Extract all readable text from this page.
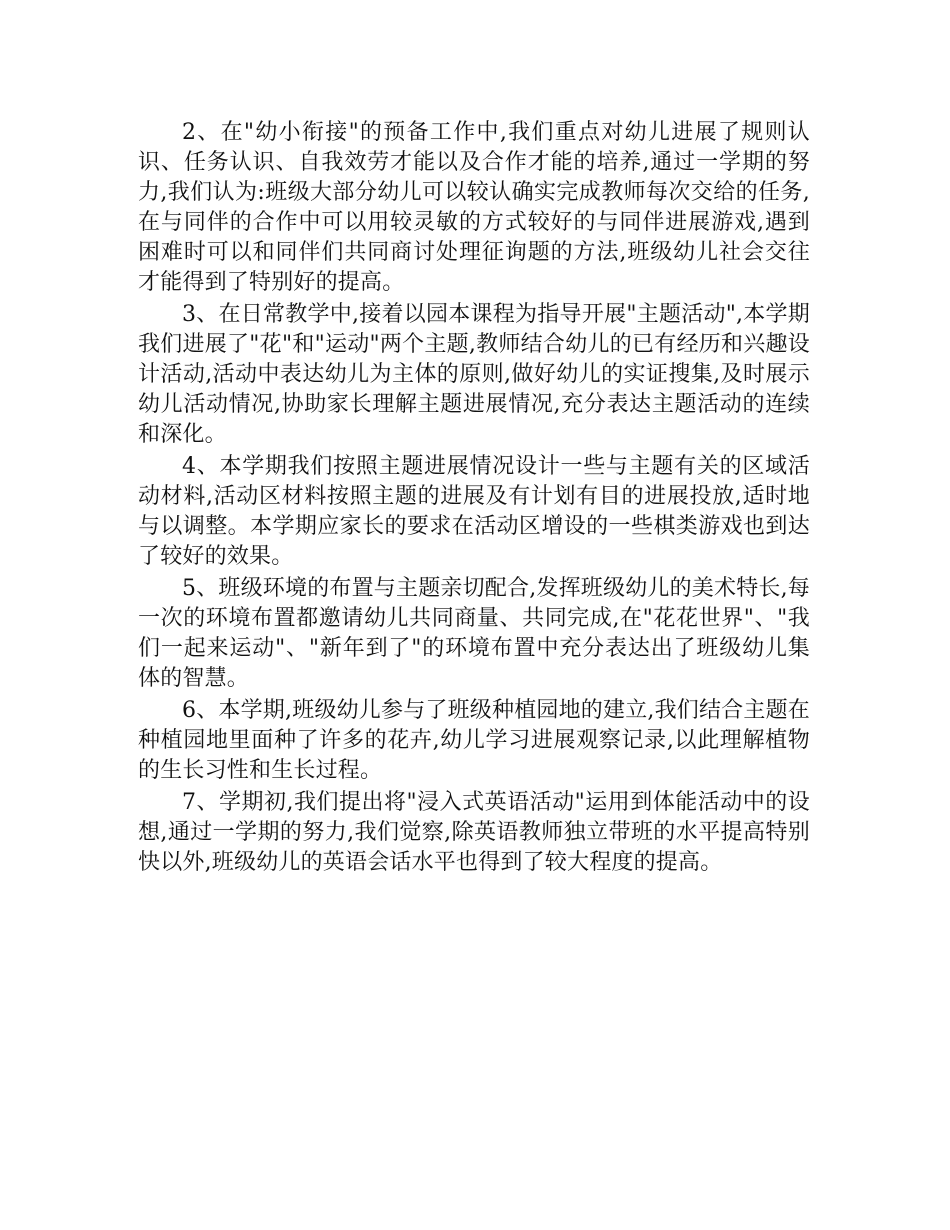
2、在"幼小衔接"的预备工作中,我们重点对幼儿进展了规则认识、任务认识、自我效劳才能以及合作才能的培养,通过一学期的努力,我们认为:班级大部分幼儿可以较认确实完成教师每次交给的任务,在与同伴的合作中可以用较灵敏的方式较好的与同伴进展游戏,遇到困难时可以和同伴们共同商讨处理征询题的方法,班级幼儿社会交往才能得到了特别好的提高。

3、在日常教学中,接着以园本课程为指导开展"主题活动",本学期我们进展了"花"和"运动"两个主题,教师结合幼儿的已有经历和兴趣设计活动,活动中表达幼儿为主体的原则,做好幼儿的实证搜集,及时展示幼儿活动情况,协助家长理解主题进展情况,充分表达主题活动的连续和深化。

4、本学期我们按照主题进展情况设计一些与主题有关的区域活动材料,活动区材料按照主题的进展及有计划有目的进展投放,适时地与以调整。本学期应家长的要求在活动区增设的一些棋类游戏也到达了较好的效果。

5、班级环境的布置与主题亲切配合,发挥班级幼儿的美术特长,每一次的环境布置都邀请幼儿共同商量、共同完成,在"花花世界"、"我们一起来运动"、"新年到了"的环境布置中充分表达出了班级幼儿集体的智慧。

6、本学期,班级幼儿参与了班级种植园地的建立,我们结合主题在种植园地里面种了许多的花卉,幼儿学习进展观察记录,以此理解植物的生长习性和生长过程。

7、学期初,我们提出将"浸入式英语活动"运用到体能活动中的设想,通过一学期的努力,我们觉察,除英语教师独立带班的水平提高特别快以外,班级幼儿的英语会话水平也得到了较大程度的提高。
